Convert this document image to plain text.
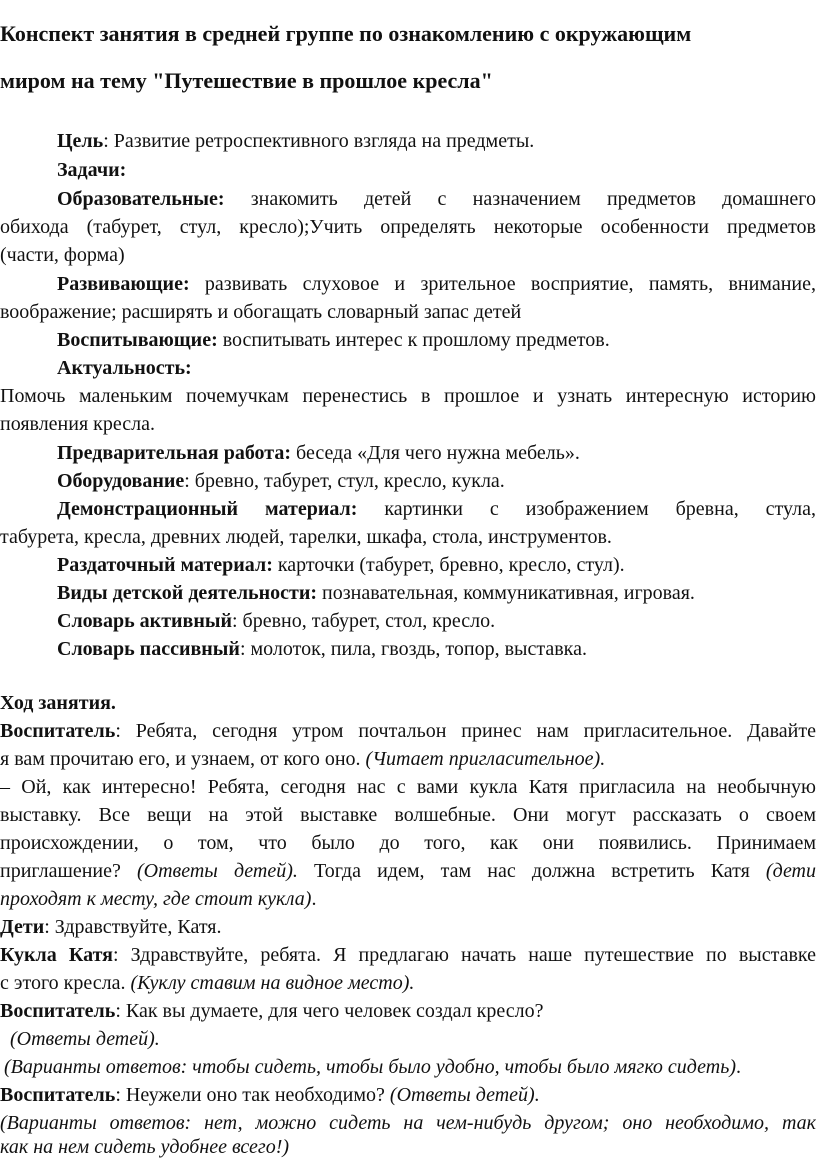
Конспект занятия в средней группе по ознакомлению с окружающим
миром на тему "Путешествие в прошлое кресла"
Цель: Развитие ретроспективного взгляда на предметы.
Задачи:
Образовательные: знакомить детей с назначением предметов домашнего
обихода (табурет, стул, кресло);Учить определять некоторые особенности предметов
(части, форма)
Развивающие: развивать слуховое и зрительное восприятие, память, внимание,
воображение; расширять и обогащать словарный запас детей
Воспитывающие: воспитывать интерес к прошлому предметов.
Актуальность:
Помочь маленьким почемучкам перенестись в прошлое и узнать интересную историю
появления кресла.
Предварительная работа: беседа «Для чего нужна мебель».
Оборудование: бревно, табурет, стул, кресло, кукла.
Демонстрационный материал: картинки с изображением бревна, стула,
табурета, кресла, древних людей, тарелки, шкафа, стола, инструментов.
Раздаточный материал: карточки (табурет, бревно, кресло, стул).
Виды детской деятельности: познавательная, коммуникативная, игровая.
Словарь активный: бревно, табурет, стол, кресло.
Словарь пассивный: молоток, пила, гвоздь, топор, выставка.
Ход занятия.
Воспитатель: Ребята, сегодня утром почтальон принес нам пригласительное. Давайте
я вам прочитаю его, и узнаем, от кого оно. (Читает пригласительное).
– Ой, как интересно! Ребята, сегодня нас с вами кукла Катя пригласила на необычную
выставку. Все вещи на этой выставке волшебные. Они могут рассказать о своем
происхождении, о том, что было до того, как они появились. Принимаем
приглашение? (Ответы детей). Тогда идем, там нас должна встретить Катя (дети
проходят к месту, где стоит кукла).
Дети: Здравствуйте, Катя.
Кукла Катя: Здравствуйте, ребята. Я предлагаю начать наше путешествие по выставке
с этого кресла. (Куклу ставим на видное место).
Воспитатель: Как вы думаете, для чего человек создал кресло?
(Ответы детей).
(Варианты ответов: чтобы сидеть, чтобы было удобно, чтобы было мягко сидеть).
Воспитатель: Неужели оно так необходимо? (Ответы детей).
(Варианты ответов: нет, можно сидеть на чем-нибудь другом; оно необходимо, так
как на нем сидеть удобнее всего!)
